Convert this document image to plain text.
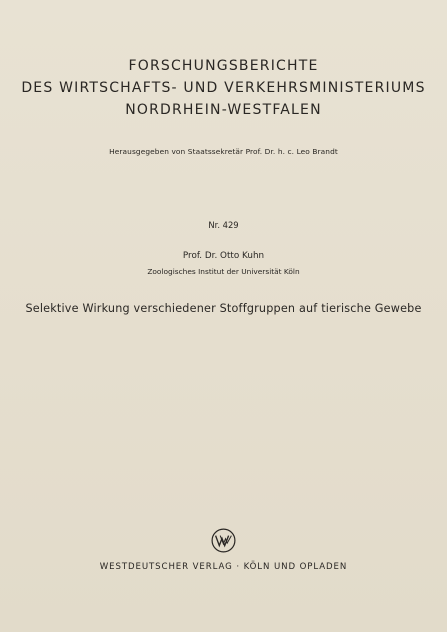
FORSCHUNGSBERICHTE
DES WIRTSCHAFTS- UND VERKEHRSMINISTERIUMS
NORDRHEIN-WESTFALEN
Herausgegeben von Staatssekretär Prof. Dr. h. c. Leo Brandt
Nr. 429
Prof. Dr. Otto Kuhn
Zoologisches Institut der Universität Köln
Selektive Wirkung verschiedener Stoffgruppen auf tierische Gewebe
WESTDEUTSCHER VERLAG · KÖLN UND OPLADEN
